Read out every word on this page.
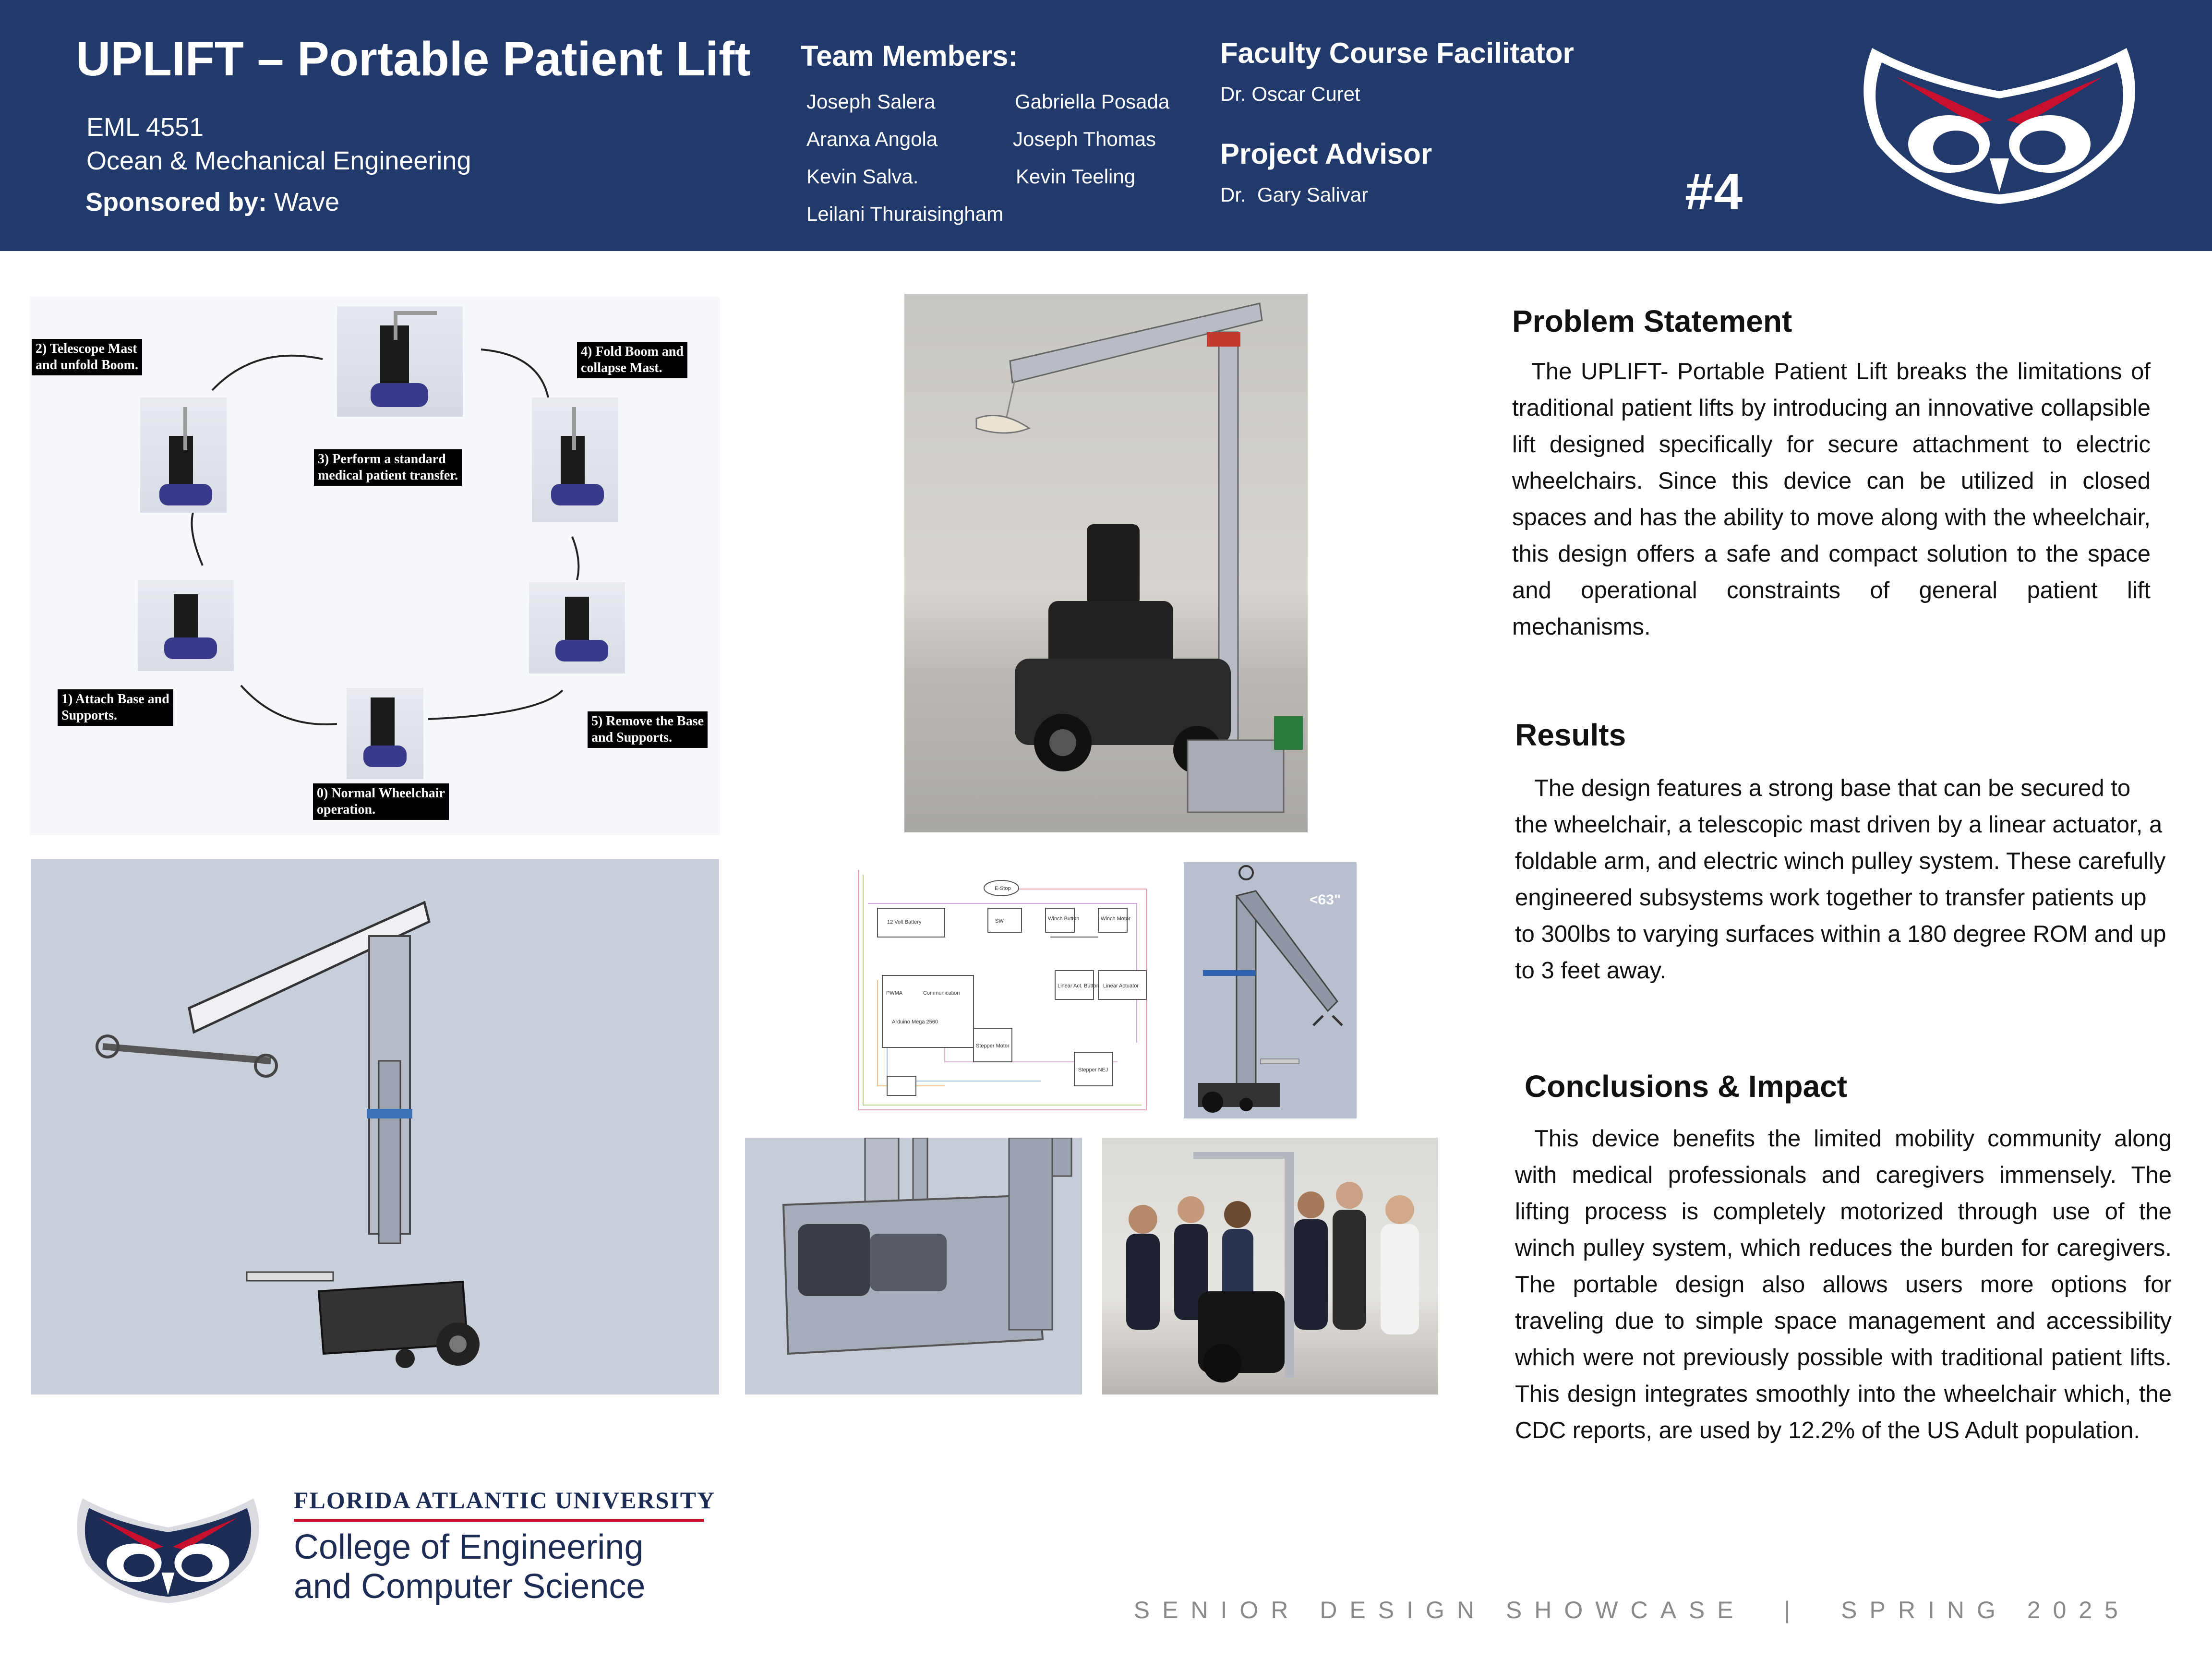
UPLIFT – Portable Patient Lift
EML 4551
Ocean & Mechanical Engineering
Sponsored by: Wave
Team Members:
Joseph Salera	Gabriella Posada
Aranxa Angola	Joseph Thomas
Kevin Salva.	Kevin Teeling
Leilani Thuraisingham
Faculty Course Facilitator
Dr. Oscar Curet
Project Advisor
Dr.  Gary Salivar	#4
2) Telescope Mast
and unfold Boom.
4) Fold Boom and
collapse Mast.
3) Perform a standard
medical patient transfer.
1) Attach Base and
Supports.	5) Remove the Base
and Supports.
0) Normal Wheelchair
operation.
E-Stop
12 Volt Battery	SW	Winch Button	Winch Motor
PWMA	Communication
Arduino Mega 2560
Linear Act. Button Linear Actuator
Stepper Motor
Stepper NEJ
<63"
Problem Statement
The UPLIFT- Portable Patient Lift breaks the limitations of traditional patient lifts by introducing an innovative collapsible lift designed specifically for secure attachment to electric wheelchairs. Since this device can be utilized in closed spaces and has the ability to move along with the wheelchair, this design offers a safe and compact solution to the space and operational constraints of general patient lift mechanisms.
Results
The design features a strong base that can be secured to the wheelchair, a telescopic mast driven by a linear actuator, a foldable arm, and electric winch pulley system. These carefully engineered subsystems work together to transfer patients up to 300lbs to varying surfaces within a 180 degree ROM and up to 3 feet away.
Conclusions & Impact
This device benefits the limited mobility community along with medical professionals and caregivers immensely. The lifting process is completely motorized through use of the winch pulley system, which reduces the burden for caregivers. The portable design also allows users more options for traveling due to simple space management and accessibility which were not previously possible with traditional patient lifts. This design integrates smoothly into the wheelchair which, the CDC reports, are used by 12.2% of the US Adult population.
FLORIDA ATLANTIC UNIVERSITY
College of Engineering
and Computer Science
SENIOR DESIGN SHOWCASE  |  SPRING 2025
